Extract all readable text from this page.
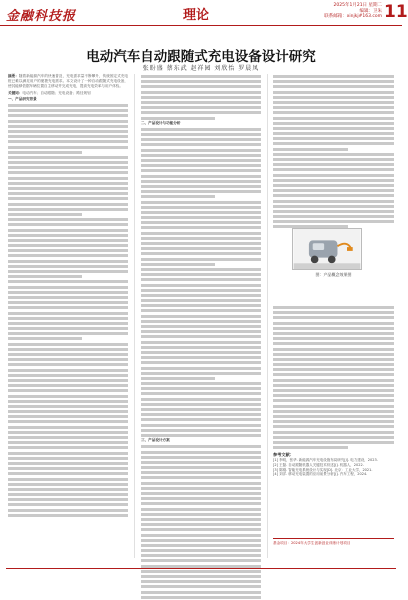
金融科技报	理论
2025年1月21日 星期二
编辑：卫朱
联系邮箱：xinjkj#163.com 11
电动汽车自动跟随式充电设备设计研究
张盼盛 蔡东武 赵祥园 刘欣怡 罗晨凤

摘要：随着新能源汽车的快速普及，充电需求量不断攀升，传统固定式充电桩已难以满足用户的便捷充电需求。本文设计了一种自动跟随式充电设备，使其能够依据车辆位置自主移动并完成充电，提高充电效率与用户体验。

关键词：电动汽车；自动跟随；充电设备；路径规划

一、产品研究背景

二、产品设计与功能分析

三、产品设计方案

图：产品概念效果图
参考文献：
[1] 李明，张华. 新能源汽车充电设施布局研究[J]. 电力建设，2023.
[2] 王磊. 自动跟随机器人关键技术综述[J]. 机器人，2022.
[3] 陈刚. 智能充电系统设计与实现[D]. 北京：工业大学，2021.
[4] 刘洋. 移动充电装置的应用前景分析[J]. 汽车工程，2024.
基金项目：2024年大学生创新创业训练计划项目
